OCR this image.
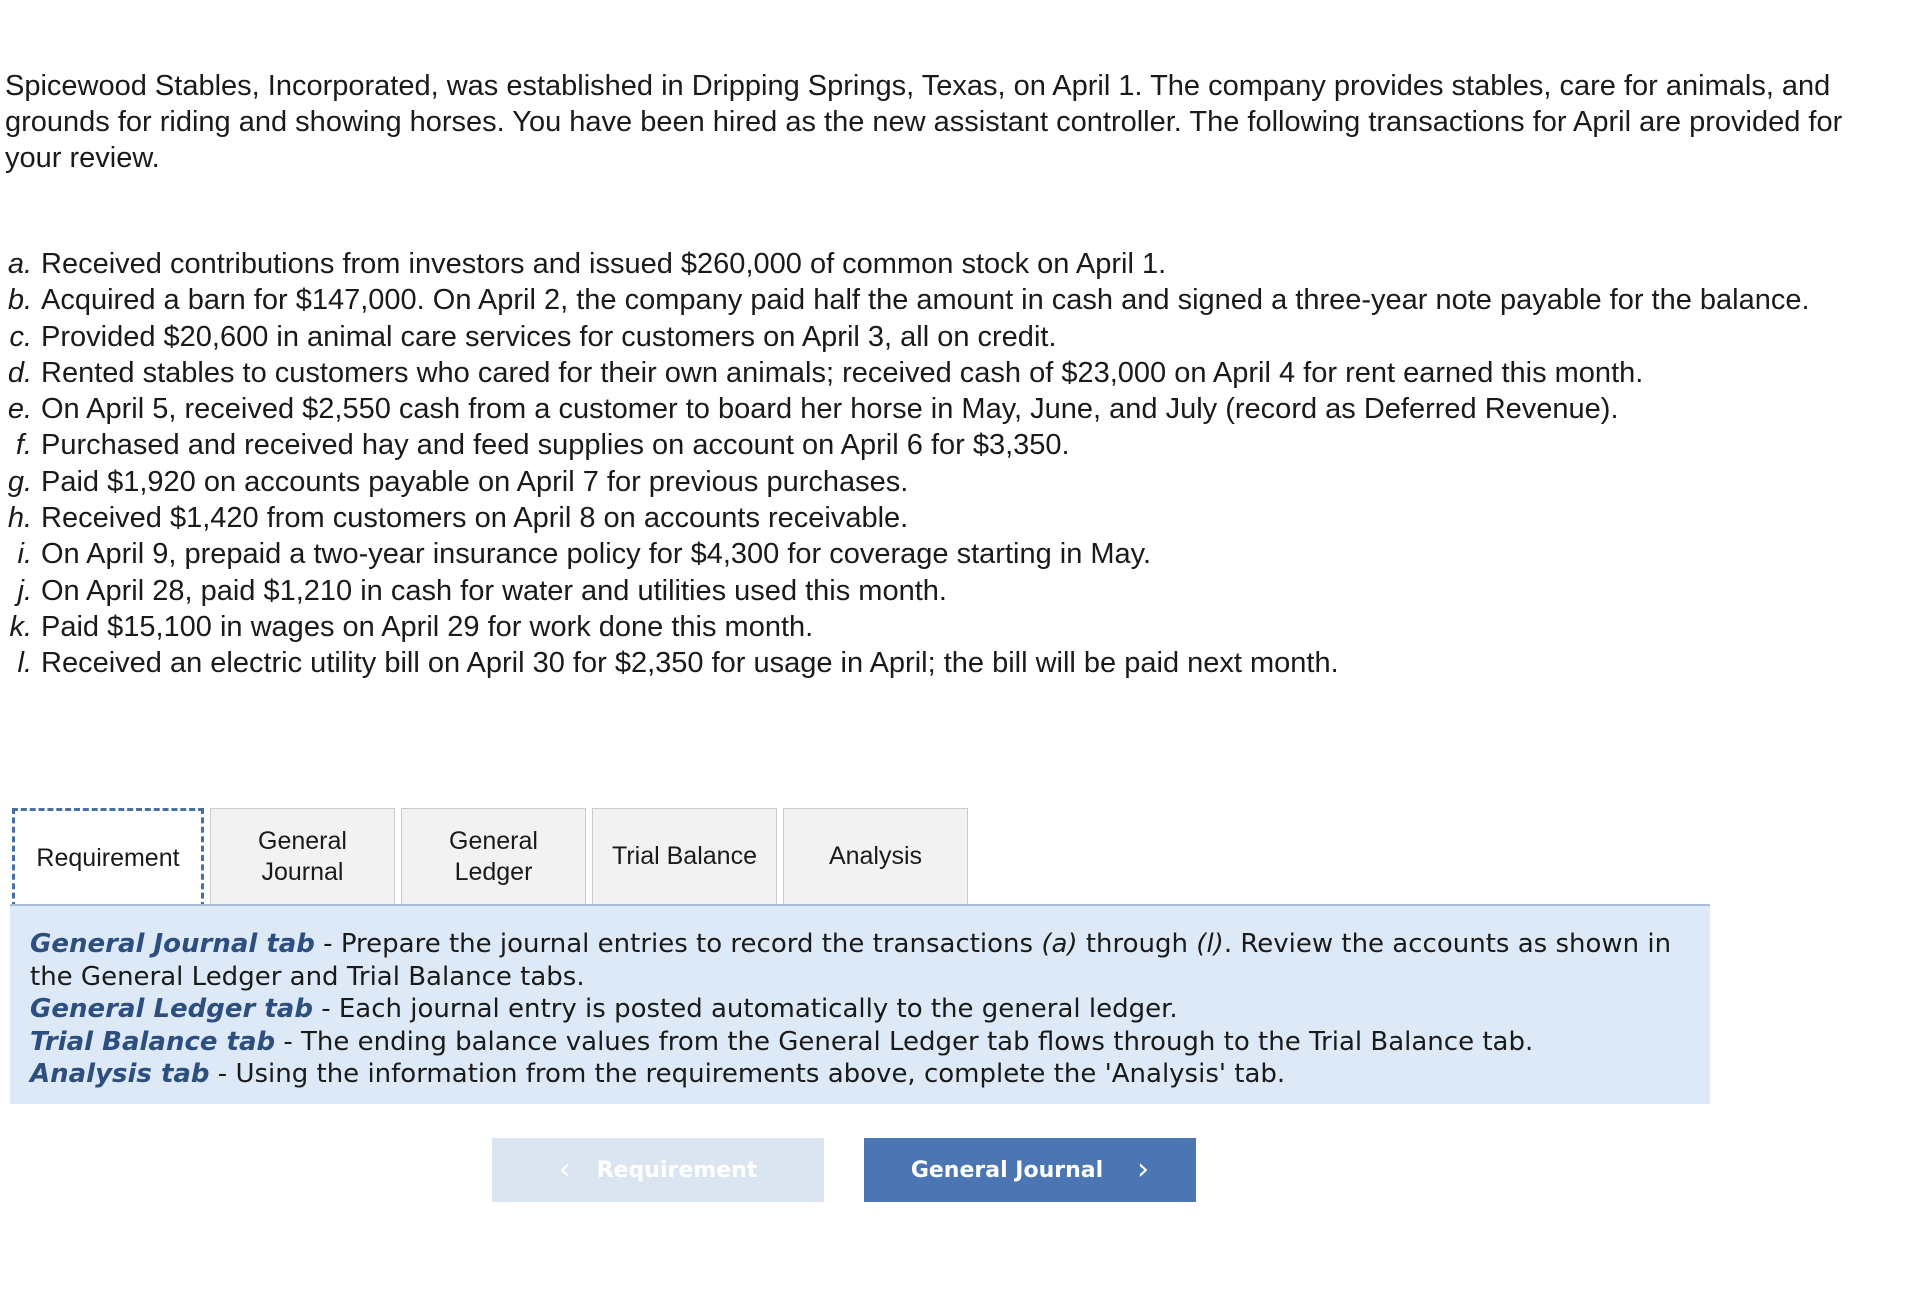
Spicewood Stables, Incorporated, was established in Dripping Springs, Texas, on April 1. The company provides stables, care for animals, and grounds for riding and showing horses. You have been hired as the new assistant controller. The following transactions for April are provided for your review.

a. Received contributions from investors and issued $260,000 of common stock on April 1.
b. Acquired a barn for $147,000. On April 2, the company paid half the amount in cash and signed a three-year note payable for the balance.
c. Provided $20,600 in animal care services for customers on April 3, all on credit.
d. Rented stables to customers who cared for their own animals; received cash of $23,000 on April 4 for rent earned this month.
e. On April 5, received $2,550 cash from a customer to board her horse in May, June, and July (record as Deferred Revenue).
f. Purchased and received hay and feed supplies on account on April 6 for $3,350.
g. Paid $1,920 on accounts payable on April 7 for previous purchases.
h. Received $1,420 from customers on April 8 on accounts receivable.
i. On April 9, prepaid a two-year insurance policy for $4,300 for coverage starting in May.
j. On April 28, paid $1,210 in cash for water and utilities used this month.
k. Paid $15,100 in wages on April 29 for work done this month.
l. Received an electric utility bill on April 30 for $2,350 for usage in April; the bill will be paid next month.
Requirement
General
Journal
General
Ledger
Trial Balance	Analysis

General Journal tab - Prepare the journal entries to record the transactions (a) through (l). Review the accounts as shown in the General Ledger and Trial Balance tabs.

General Ledger tab - Each journal entry is posted automatically to the general ledger.

Trial Balance tab - The ending balance values from the General Ledger tab flows through to the Trial Balance tab.

Analysis tab - Using the information from the requirements above, complete the 'Analysis' tab.

‹ Requirement	General Journal ›
